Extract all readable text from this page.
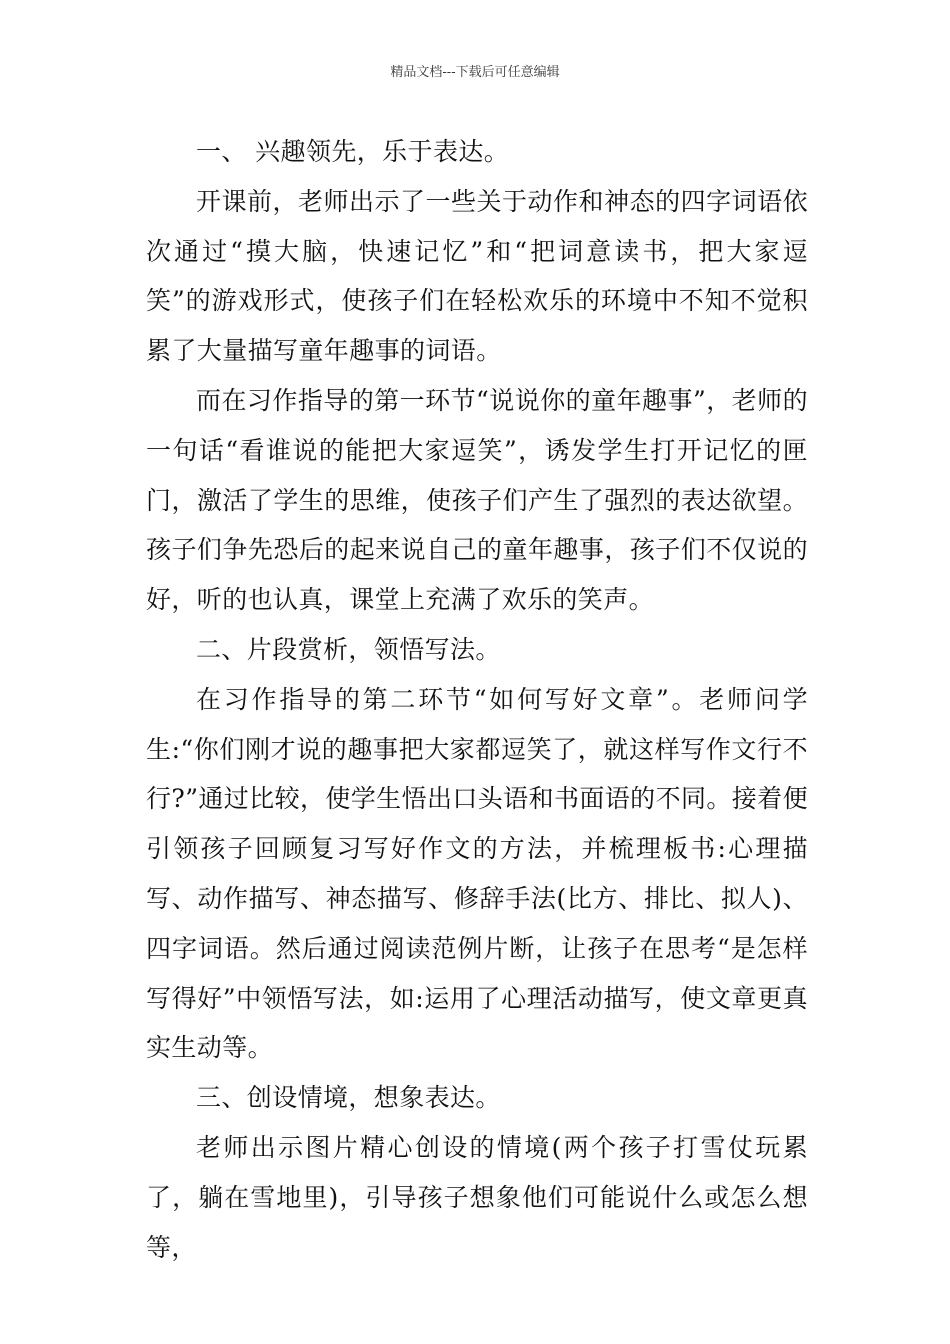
精品文档---下载后可任意编辑

一、 兴趣领先，乐于表达。

开课前，老师出示了一些关于动作和神态的四字词语依次通过“摸大脑，快速记忆”和“把词意读书，把大家逗笑”的游戏形式，使孩子们在轻松欢乐的环境中不知不觉积累了大量描写童年趣事的词语。

而在习作指导的第一环节“说说你的童年趣事”，老师的一句话“看谁说的能把大家逗笑”，诱发学生打开记忆的匣门，激活了学生的思维，使孩子们产生了强烈的表达欲望。孩子们争先恐后的起来说自己的童年趣事，孩子们不仅说的好，听的也认真，课堂上充满了欢乐的笑声。

二、片段赏析，领悟写法。

在习作指导的第二环节“如何写好文章”。老师问学生:“你们刚才说的趣事把大家都逗笑了，就这样写作文行不行?”通过比较，使学生悟出口头语和书面语的不同。接着便引领孩子回顾复习写好作文的方法，并梳理板书:心理描写、动作描写、神态描写、修辞手法(比方、排比、拟人)、四字词语。然后通过阅读范例片断，让孩子在思考“是怎样写得好”中领悟写法，如:运用了心理活动描写，使文章更真实生动等。

三、创设情境，想象表达。

老师出示图片精心创设的情境(两个孩子打雪仗玩累了，躺在雪地里)，引导孩子想象他们可能说什么或怎么想等，
